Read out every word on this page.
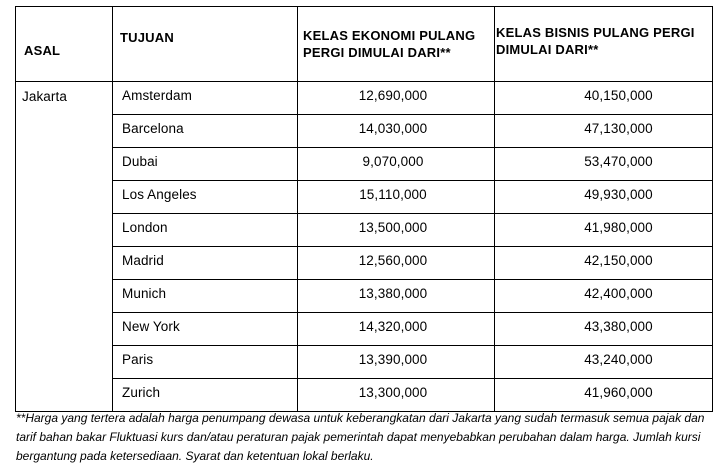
ASAL	TUJUAN	KELAS EKONOMI PULANG PERGI DIMULAI DARI**	KELAS BISNIS PULANG PERGI DIMULAI DARI**
Jakarta	Amsterdam	12,690,000	40,150,000
	Barcelona	14,030,000	47,130,000
	Dubai	9,070,000	53,470,000
	Los Angeles	15,110,000	49,930,000
	London	13,500,000	41,980,000
	Madrid	12,560,000	42,150,000
	Munich	13,380,000	42,400,000
	New York	14,320,000	43,380,000
	Paris	13,390,000	43,240,000
	Zurich	13,300,000	41,960,000

**Harga yang tertera adalah harga penumpang dewasa untuk keberangkatan dari Jakarta yang sudah termasuk semua pajak dan tarif bahan bakar Fluktuasi kurs dan/atau peraturan pajak pemerintah dapat menyebabkan perubahan dalam harga. Jumlah kursi bergantung pada ketersediaan. Syarat dan ketentuan lokal berlaku.
